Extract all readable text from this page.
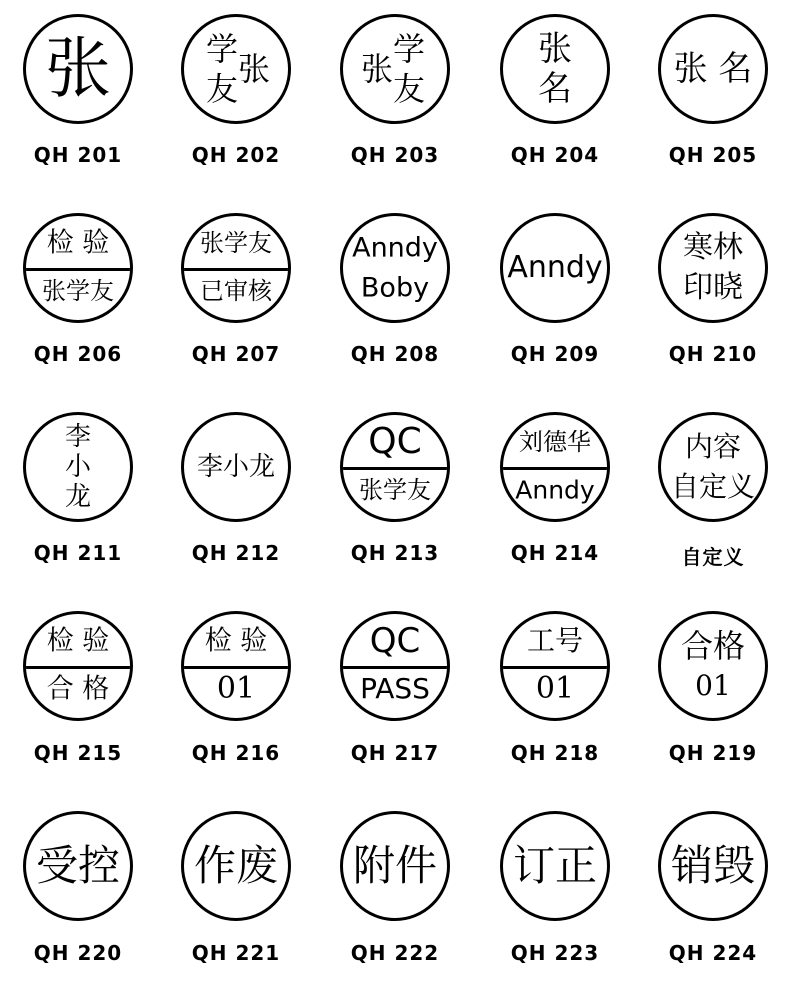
张
QH 201
学
张
友
QH 202
学
张
友
QH 203
张
名
QH 204
张 名
QH 205
检 验
张学友
QH 206
张学友
已审核
QH 207
Anndy
Boby
QH 208
Anndy
QH 209
寒林
印晓
QH 210
李
小
龙
QH 211
李小龙
QH 212
QC
张学友
QH 213
刘德华
Anndy
QH 214
内容
自定义
自定义
检 验
合 格
QH 215
检 验
01
QH 216
QC
PASS
QH 217
工号
01
QH 218
合格
01
QH 219
受控
QH 220
作废
QH 221
附件
QH 222
订正
QH 223
销毁
QH 224
